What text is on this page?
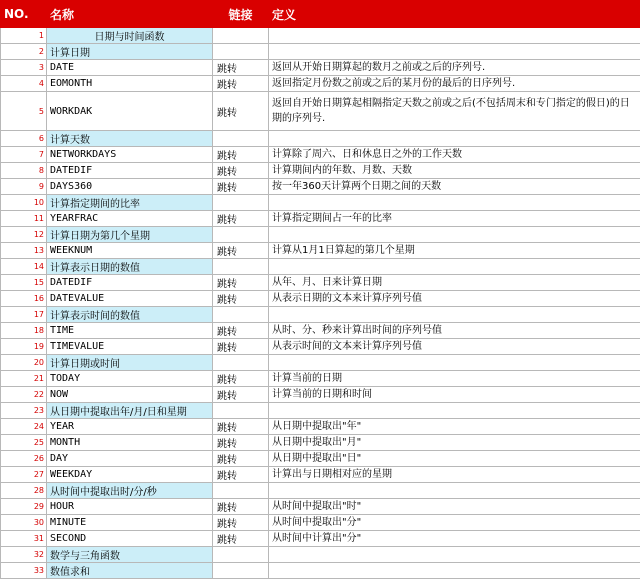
NO.	名称	链接	定义
1	日期与时间函数		
2	计算日期		
3	DATE	跳转	返回从开始日期算起的数月之前或之后的序列号.
4	EOMONTH	跳转	返回指定月份数之前或之后的某月份的最后的日序列号.
5	WORKDAK	跳转	返回自开始日期算起相隔指定天数之前或之后(不包括周末和专门指定的假日)的日期的序列号.
6	计算天数		
7	NETWORKDAYS	跳转	计算除了周六、日和休息日之外的工作天数
8	DATEDIF	跳转	计算期间内的年数、月数、天数
9	DAYS360	跳转	按一年360天计算两个日期之间的天数
10	计算指定期间的比率		
11	YEARFRAC	跳转	计算指定期间占一年的比率
12	计算日期为第几个星期		
13	WEEKNUM	跳转	计算从1月1日算起的第几个星期
14	计算表示日期的数值		
15	DATEDIF	跳转	从年、月、日来计算日期
16	DATEVALUE	跳转	从表示日期的文本来计算序列号值
17	计算表示时间的数值		
18	TIME	跳转	从时、分、秒来计算出时间的序列号值
19	TIMEVALUE	跳转	从表示时间的文本来计算序列号值
20	计算日期或时间		
21	TODAY	跳转	计算当前的日期
22	NOW	跳转	计算当前的日期和时间
23	从日期中提取出年/月/日和星期		
24	YEAR	跳转	从日期中提取出"年"
25	MONTH	跳转	从日期中提取出"月"
26	DAY	跳转	从日期中提取出"日"
27	WEEKDAY	跳转	计算出与日期相对应的星期
28	从时间中提取出时/分/秒		
29	HOUR	跳转	从时间中提取出"时"
30	MINUTE	跳转	从时间中提取出"分"
31	SECOND	跳转	从时间中计算出"分"
32	数学与三角函数		
33	数值求和		
